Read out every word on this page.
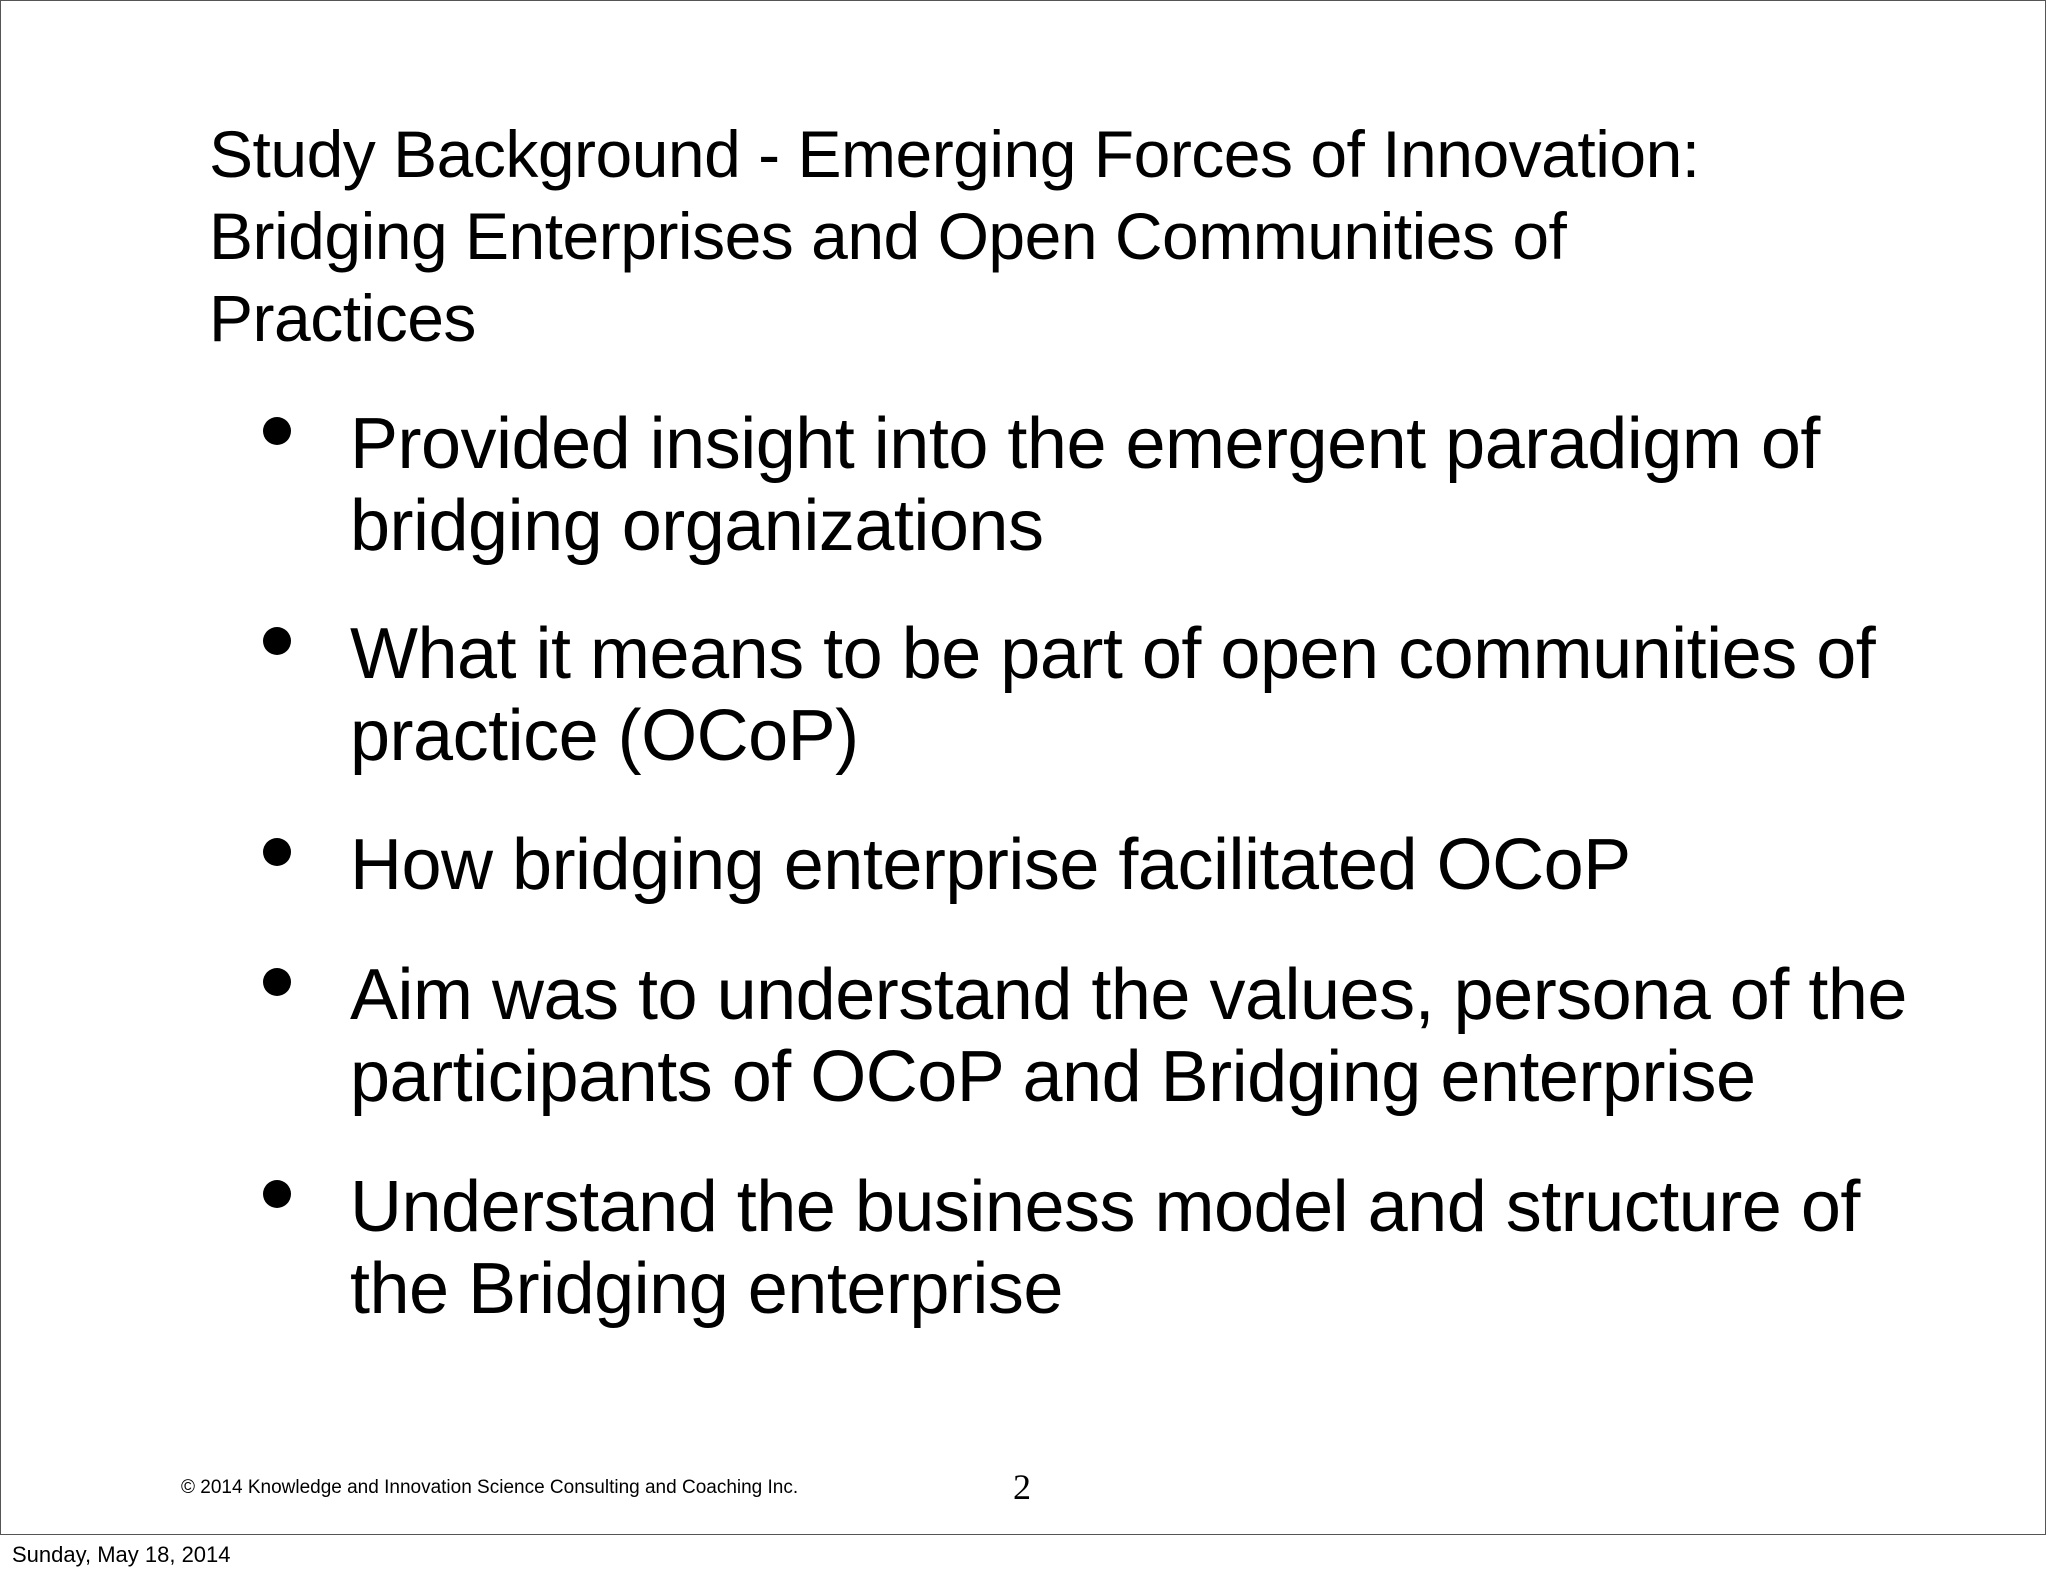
Study Background - Emerging Forces of Innovation: Bridging Enterprises and Open Communities of Practices
Provided insight into the emergent paradigm of bridging organizations
What it means to be part of open communities of practice (OCoP)
How bridging enterprise facilitated OCoP
Aim was to understand the values, persona of the participants of OCoP and Bridging enterprise
Understand the business model and structure of the Bridging enterprise
© 2014 Knowledge and Innovation Science Consulting and Coaching Inc.	2
Sunday, May 18, 2014
